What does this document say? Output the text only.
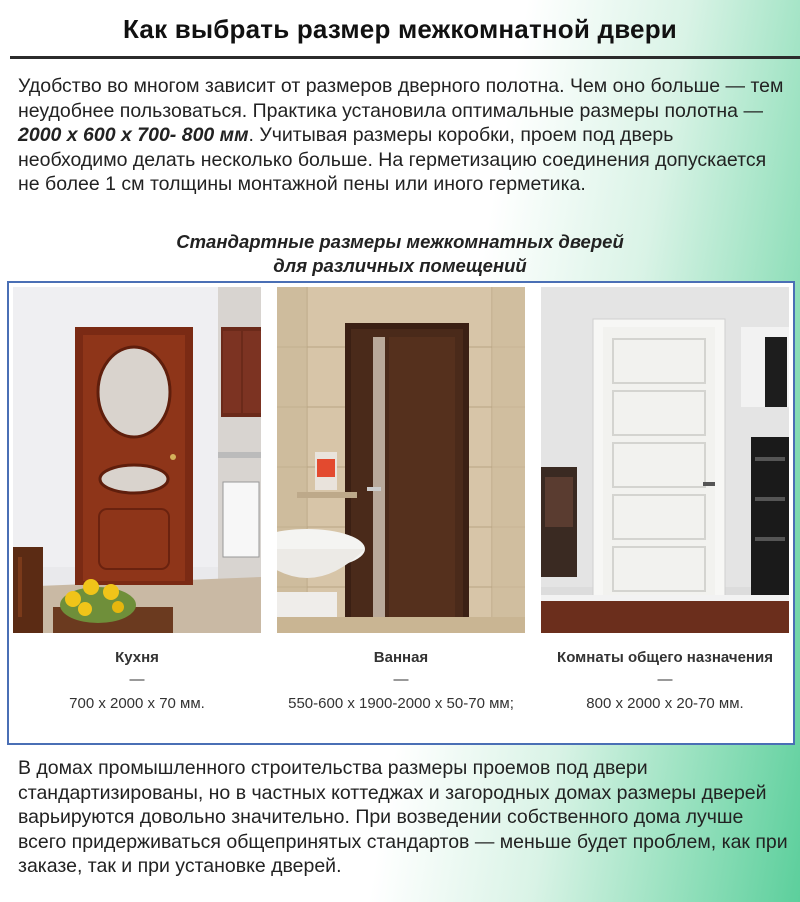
Как выбрать размер межкомнатной двери
Удобство во многом зависит от размеров дверного полотна. Чем оно больше — тем неудобнее пользоваться. Практика установила оптимальные размеры полотна — 2000 х 600 х 700- 800 мм. Учитывая размеры коробки, проем под дверь необходимо делать несколько больше. На герметизацию соединения допускается не более 1 см толщины монтажной пены или иного герметика.
Стандартные размеры межкомнатных дверей
для различных помещений
Кухня
—
700 х 2000 х 70 мм.
Ванная
—
550-600 х 1900-2000 х 50-70 мм;
Комнаты общего назначения
—
800 х 2000 х 20-70 мм.
В домах промышленного строительства размеры проемов под двери стандартизированы, но в частных коттеджах и загородных домах размеры дверей варьируются довольно значительно. При возведении собственного дома лучше всего придерживаться общепринятых стандартов — меньше будет проблем, как при заказе, так и при установке дверей.
